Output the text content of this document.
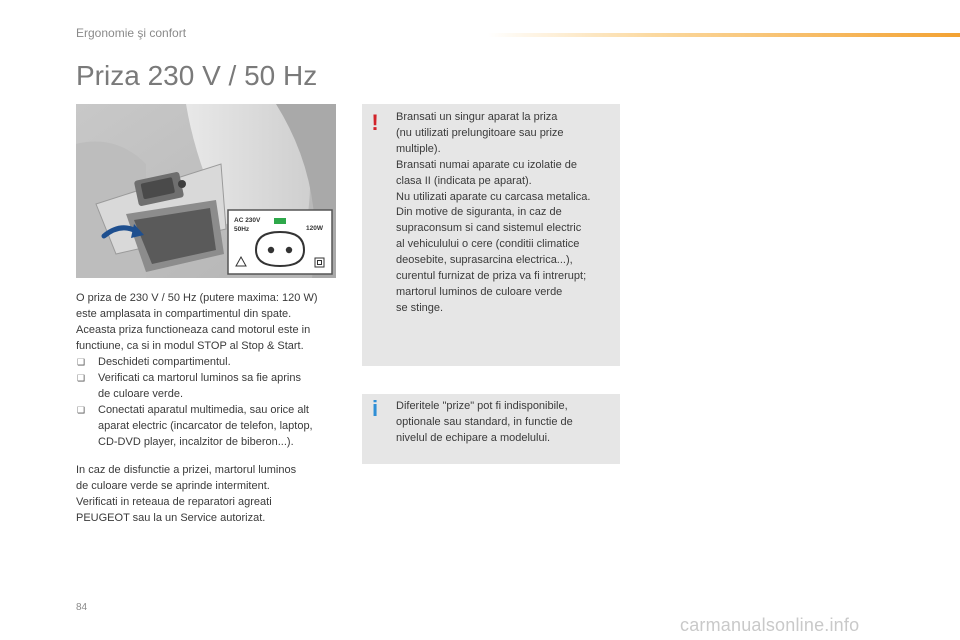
Ergonomie şi confort
Priza 230 V / 50 Hz
AC 230V
50Hz	120W

O priza de 230 V / 50 Hz (putere maxima: 120 W)
este amplasata in compartimentul din spate.
Aceasta priza functioneaza cand motorul este in
functiune, ca si in modul STOP al Stop & Start.

❑ Deschideti compartimentul.
❑ Verificati ca martorul luminos sa fie aprins
de culoare verde.
❑ Conectati aparatul multimedia, sau orice alt
aparat electric (incarcator de telefon, laptop,
CD-DVD player, incalzitor de biberon...).

In caz de disfunctie a prizei, martorul luminos
de culoare verde se aprinde intermitent.
Verificati in reteaua de reparatori agreati
PEUGEOT sau la un Service autorizat.

!	Bransati un singur aparat la priza
(nu utilizati prelungitoare sau prize
multiple).
Bransati numai aparate cu izolatie de
clasa II (indicata pe aparat).
Nu utilizati aparate cu carcasa metalica.
Din motive de siguranta, in caz de
supraconsum si cand sistemul electric
al vehiculului o cere (conditii climatice
deosebite, suprasarcina electrica...),
curentul furnizat de priza va fi intrerupt;
martorul luminos de culoare verde
se stinge.

i	Diferitele "prize" pot fi indisponibile,
optionale sau standard, in functie de
nivelul de echipare a modelului.

84
carmanualsonline.info
